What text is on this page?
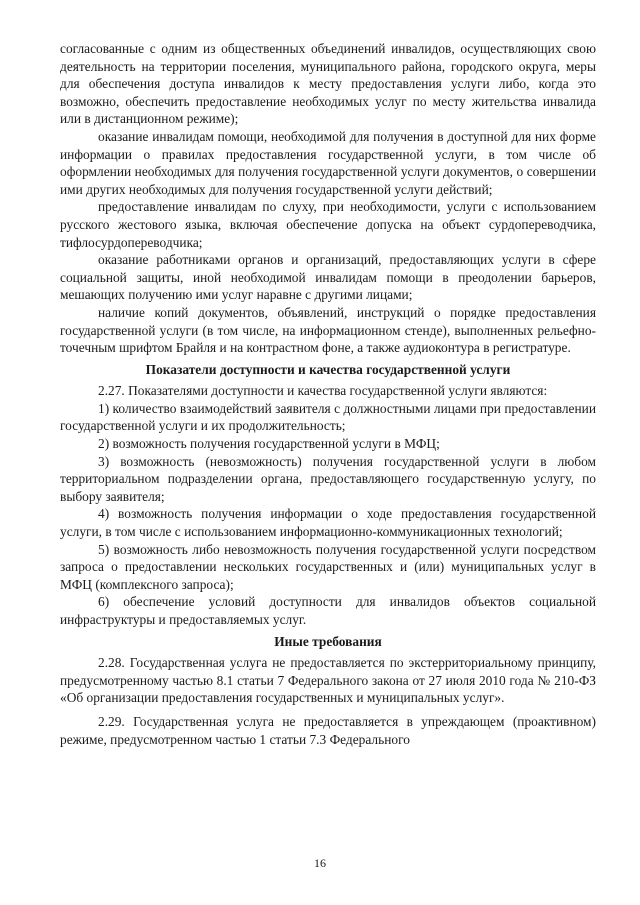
согласованные с одним из общественных объединений инвалидов, осуществляющих свою деятельность на территории поселения, муниципального района, городского округа, меры для обеспечения доступа инвалидов к месту предоставления услуги либо, когда это возможно, обеспечить предоставление необходимых услуг по месту жительства инвалида или в дистанционном режиме);

оказание инвалидам помощи, необходимой для получения в доступной для них форме информации о правилах предоставления государственной услуги, в том числе об оформлении необходимых для получения государственной услуги документов, о совершении ими других необходимых для получения государственной услуги действий;

предоставление инвалидам по слуху, при необходимости, услуги с использованием русского жестового языка, включая обеспечение допуска на объект сурдопереводчика, тифлосурдопереводчика;

оказание работниками органов и организаций, предоставляющих услуги в сфере социальной защиты, иной необходимой инвалидам помощи в преодолении барьеров, мешающих получению ими услуг наравне с другими лицами;

наличие копий документов, объявлений, инструкций о порядке предоставления государственной услуги (в том числе, на информационном стенде), выполненных рельефно-точечным шрифтом Брайля и на контрастном фоне, а также аудиоконтура в регистратуре.

Показатели доступности и качества государственной услуги

2.27. Показателями доступности и качества государственной услуги являются:

1) количество взаимодействий заявителя с должностными лицами при предоставлении государственной услуги и их продолжительность;

2) возможность получения государственной услуги в МФЦ;

3) возможность (невозможность) получения государственной услуги в любом территориальном подразделении органа, предоставляющего государственную услугу, по выбору заявителя;

4) возможность получения информации о ходе предоставления государственной услуги, в том числе с использованием информационно-коммуникационных технологий;

5) возможность либо невозможность получения государственной услуги посредством запроса о предоставлении нескольких государственных и (или) муниципальных услуг в МФЦ (комплексного запроса);

6) обеспечение условий доступности для инвалидов объектов социальной инфраструктуры и предоставляемых услуг.

Иные требования

2.28. Государственная услуга не предоставляется по экстерриториальному принципу, предусмотренному частью 8.1 статьи 7 Федерального закона от 27 июля 2010 года № 210-ФЗ «Об организации предоставления государственных и муниципальных услуг».

2.29. Государственная услуга не предоставляется в упреждающем (проактивном) режиме, предусмотренном частью 1 статьи 7.3 Федерального

16
